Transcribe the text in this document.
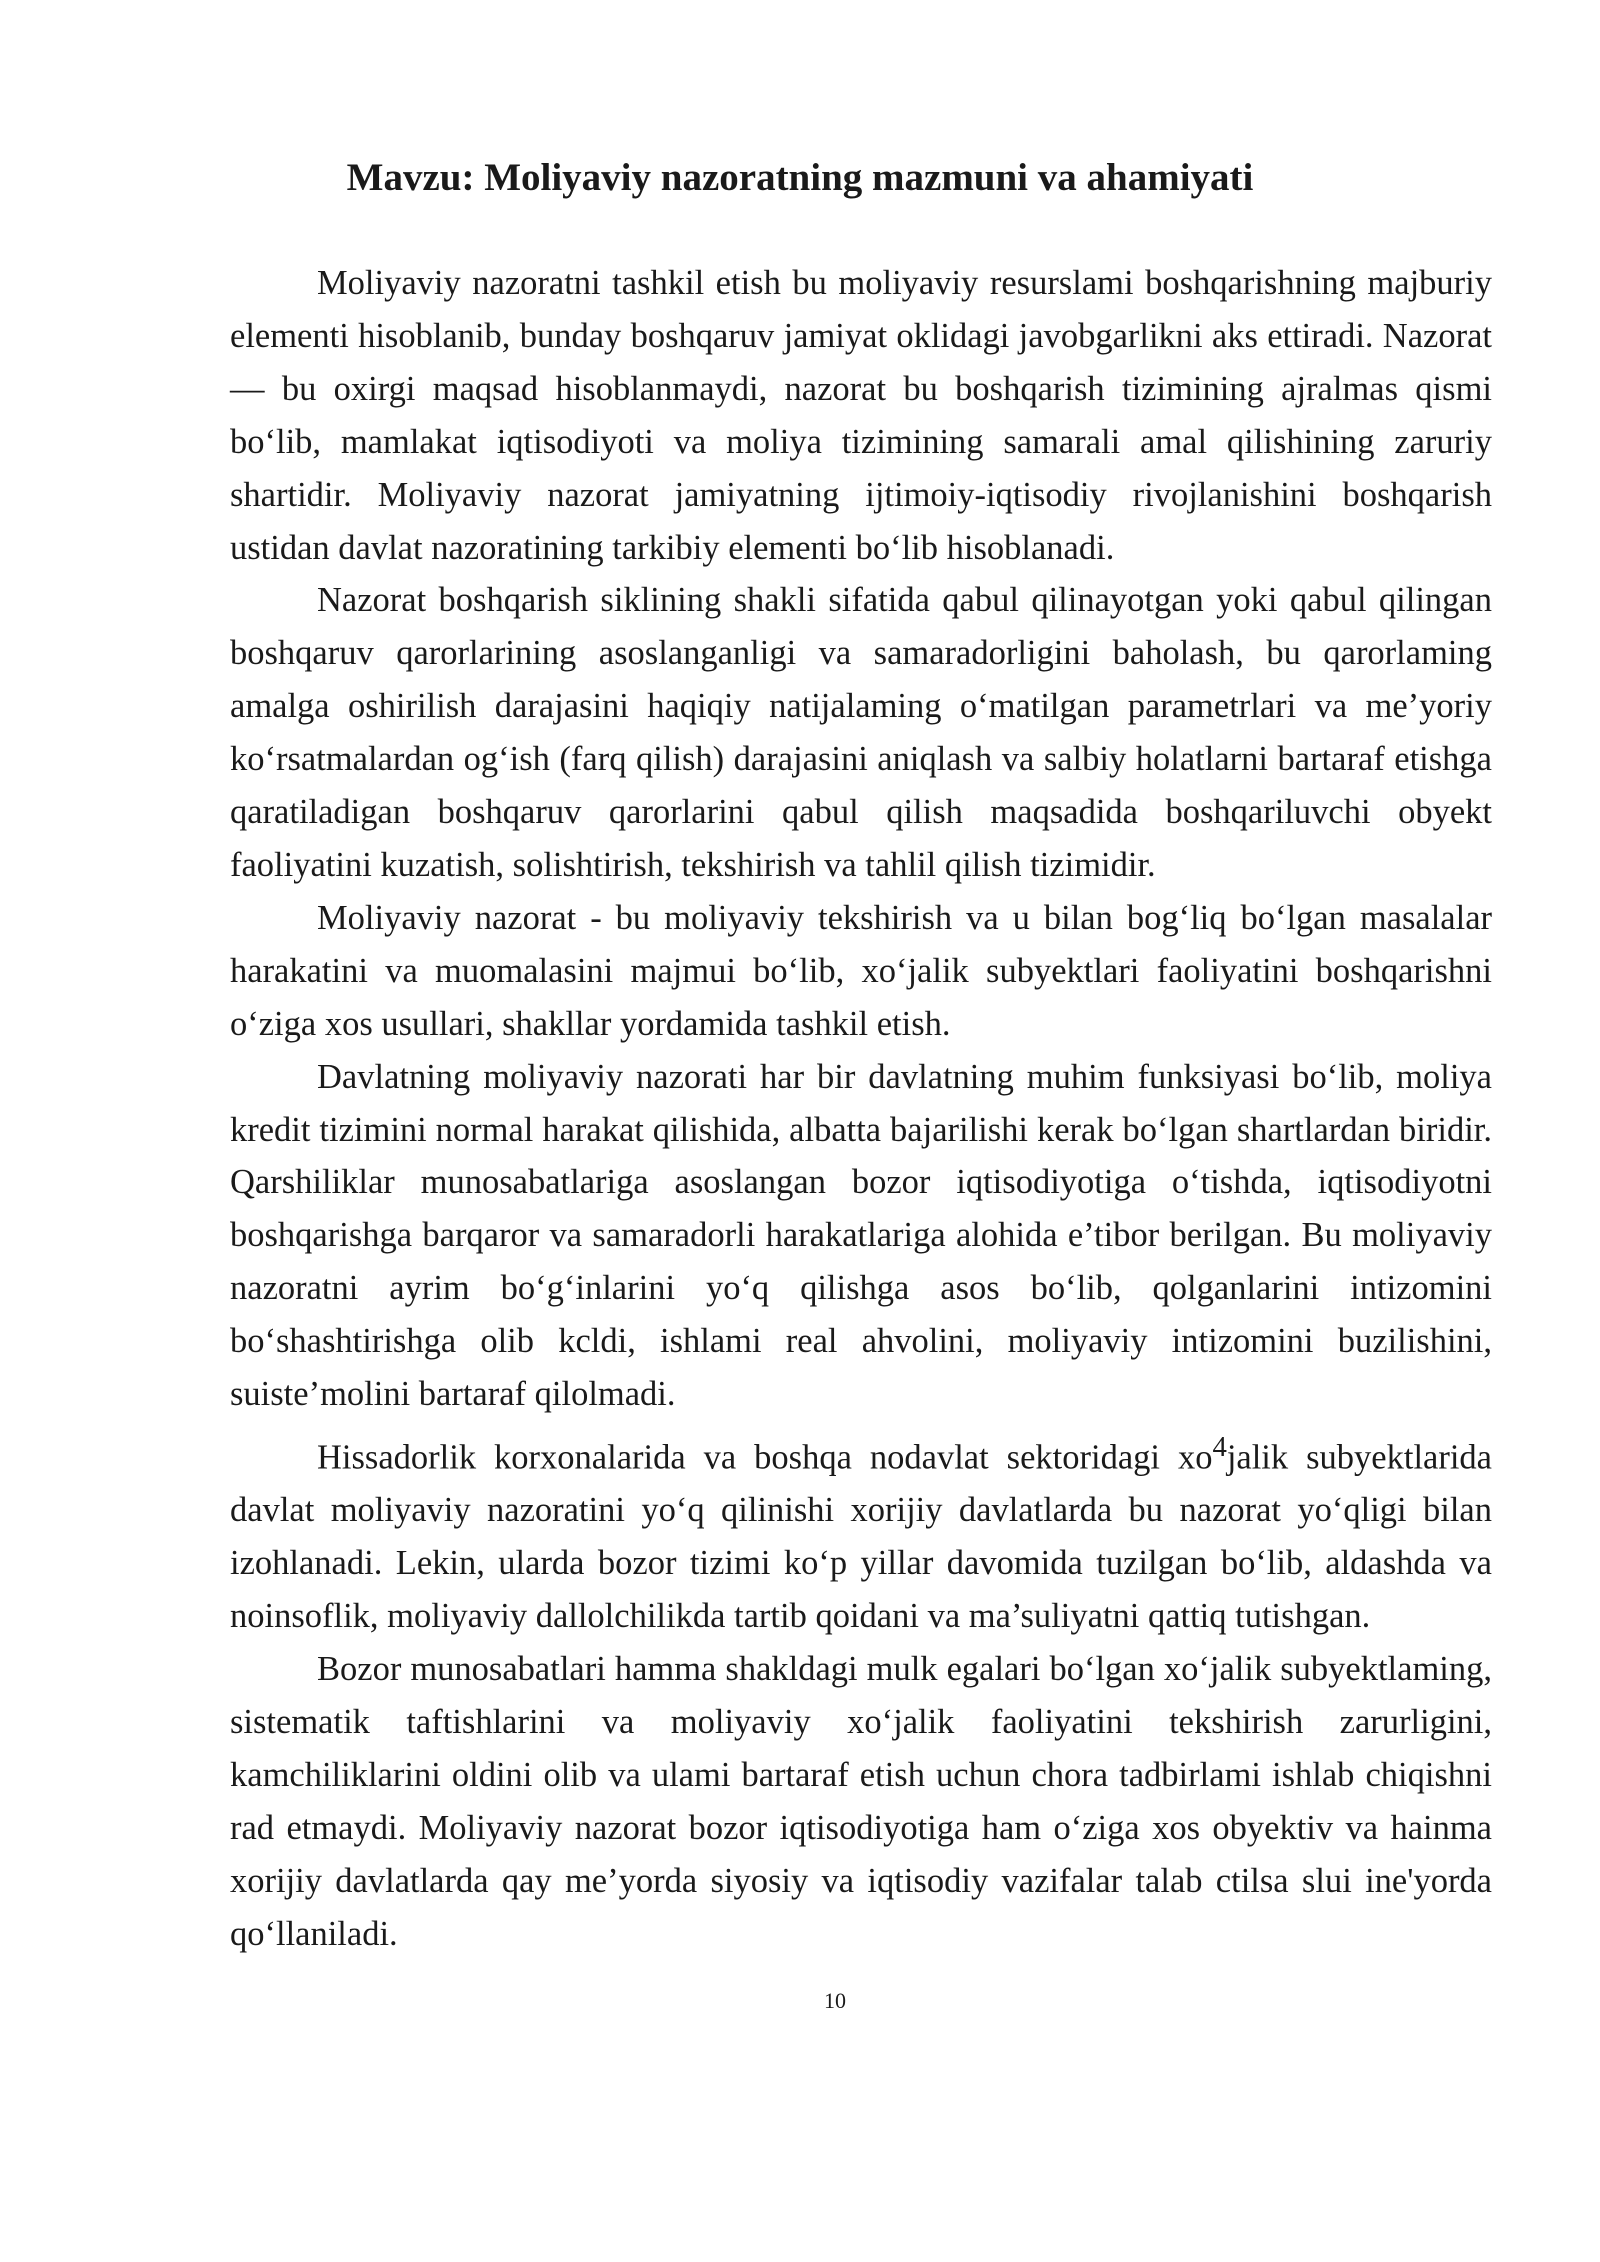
Mavzu: Moliyaviy nazoratning mazmuni va ahamiyati

Moliyaviy nazoratni tashkil etish bu moliyaviy resurslami boshqarishning majburiy elementi hisoblanib, bunday boshqaruv jamiyat oklidagi javobgarlikni aks ettiradi. Nazorat — bu oxirgi maqsad hisoblanmaydi, nazorat bu boshqarish tizimining ajralmas qismi bo‘lib, mamlakat iqtisodiyoti va moliya tizimining samarali amal qilishining zaruriy shartidir. Moliyaviy nazorat jamiyatning ijtimoiy-iqtisodiy rivojlanishini boshqarish ustidan davlat nazoratining tarkibiy elementi bo‘lib hisoblanadi.

Nazorat boshqarish siklining shakli sifatida qabul qilinayotgan yoki qabul qilingan boshqaruv qarorlarining asoslanganligi va samaradorligini baholash, bu qarorlaming amalga oshirilish darajasini haqiqiy natijalaming o‘matilgan parametrlari va me’yoriy ko‘rsatmalardan og‘ish (farq qilish) darajasini aniqlash va salbiy holatlarni bartaraf etishga qaratiladigan boshqaruv qarorlarini qabul qilish maqsadida boshqariluvchi obyekt faoliyatini kuzatish, solishtirish, tekshirish va tahlil qilish tizimidir.

Moliyaviy nazorat - bu moliyaviy tekshirish va u bilan bog‘liq bo‘lgan masalalar harakatini va muomalasini majmui bo‘lib, xo‘jalik subyektlari faoliyatini boshqarishni o‘ziga xos usullari, shakllar yordamida tashkil etish.

Davlatning moliyaviy nazorati har bir davlatning muhim funksiyasi bo‘lib, moliya kredit tizimini normal harakat qilishida, albatta bajarilishi kerak bo‘lgan shartlardan biridir. Qarshiliklar munosabatlariga asoslangan bozor iqtisodiyotiga o‘tishda, iqtisodiyotni boshqarishga barqaror va samaradorli harakatlariga alohida e’tibor berilgan. Bu moliyaviy nazoratni ayrim bo‘g‘inlarini yo‘q qilishga asos bo‘lib, qolganlarini intizomini bo‘shashtirishga olib kcldi, ishlami real ahvolini, moliyaviy intizomini buzilishini, suiste’molini bartaraf qilolmadi.

Hissadorlik korxonalarida va boshqa nodavlat sektoridagi $xo^4jalik$ subyektlarida davlat moliyaviy nazoratini yo‘q qilinishi xorijiy davlatlarda bu nazorat yo‘qligi bilan izohlanadi. Lekin, ularda bozor tizimi ko‘p yillar davomida tuzilgan bo‘lib, aldashda va noinsoflik, moliyaviy dallolchilikda tartib qoidani va ma’suliyatni qattiq tutishgan.

Bozor munosabatlari hamma shakldagi mulk egalari bo‘lgan xo‘jalik subyektlaming, sistematik taftishlarini va moliyaviy xo‘jalik faoliyatini tekshirish zarurligini, kamchiliklarini oldini olib va ulami bartaraf etish uchun chora tadbirlami ishlab chiqishni rad etmaydi. Moliyaviy nazorat bozor iqtisodiyotiga ham o‘ziga xos obyektiv va hainma xorijiy davlatlarda qay me’yorda siyosiy va iqtisodiy vazifalar talab ctilsa slui ine'yorda qo‘llaniladi.

10
